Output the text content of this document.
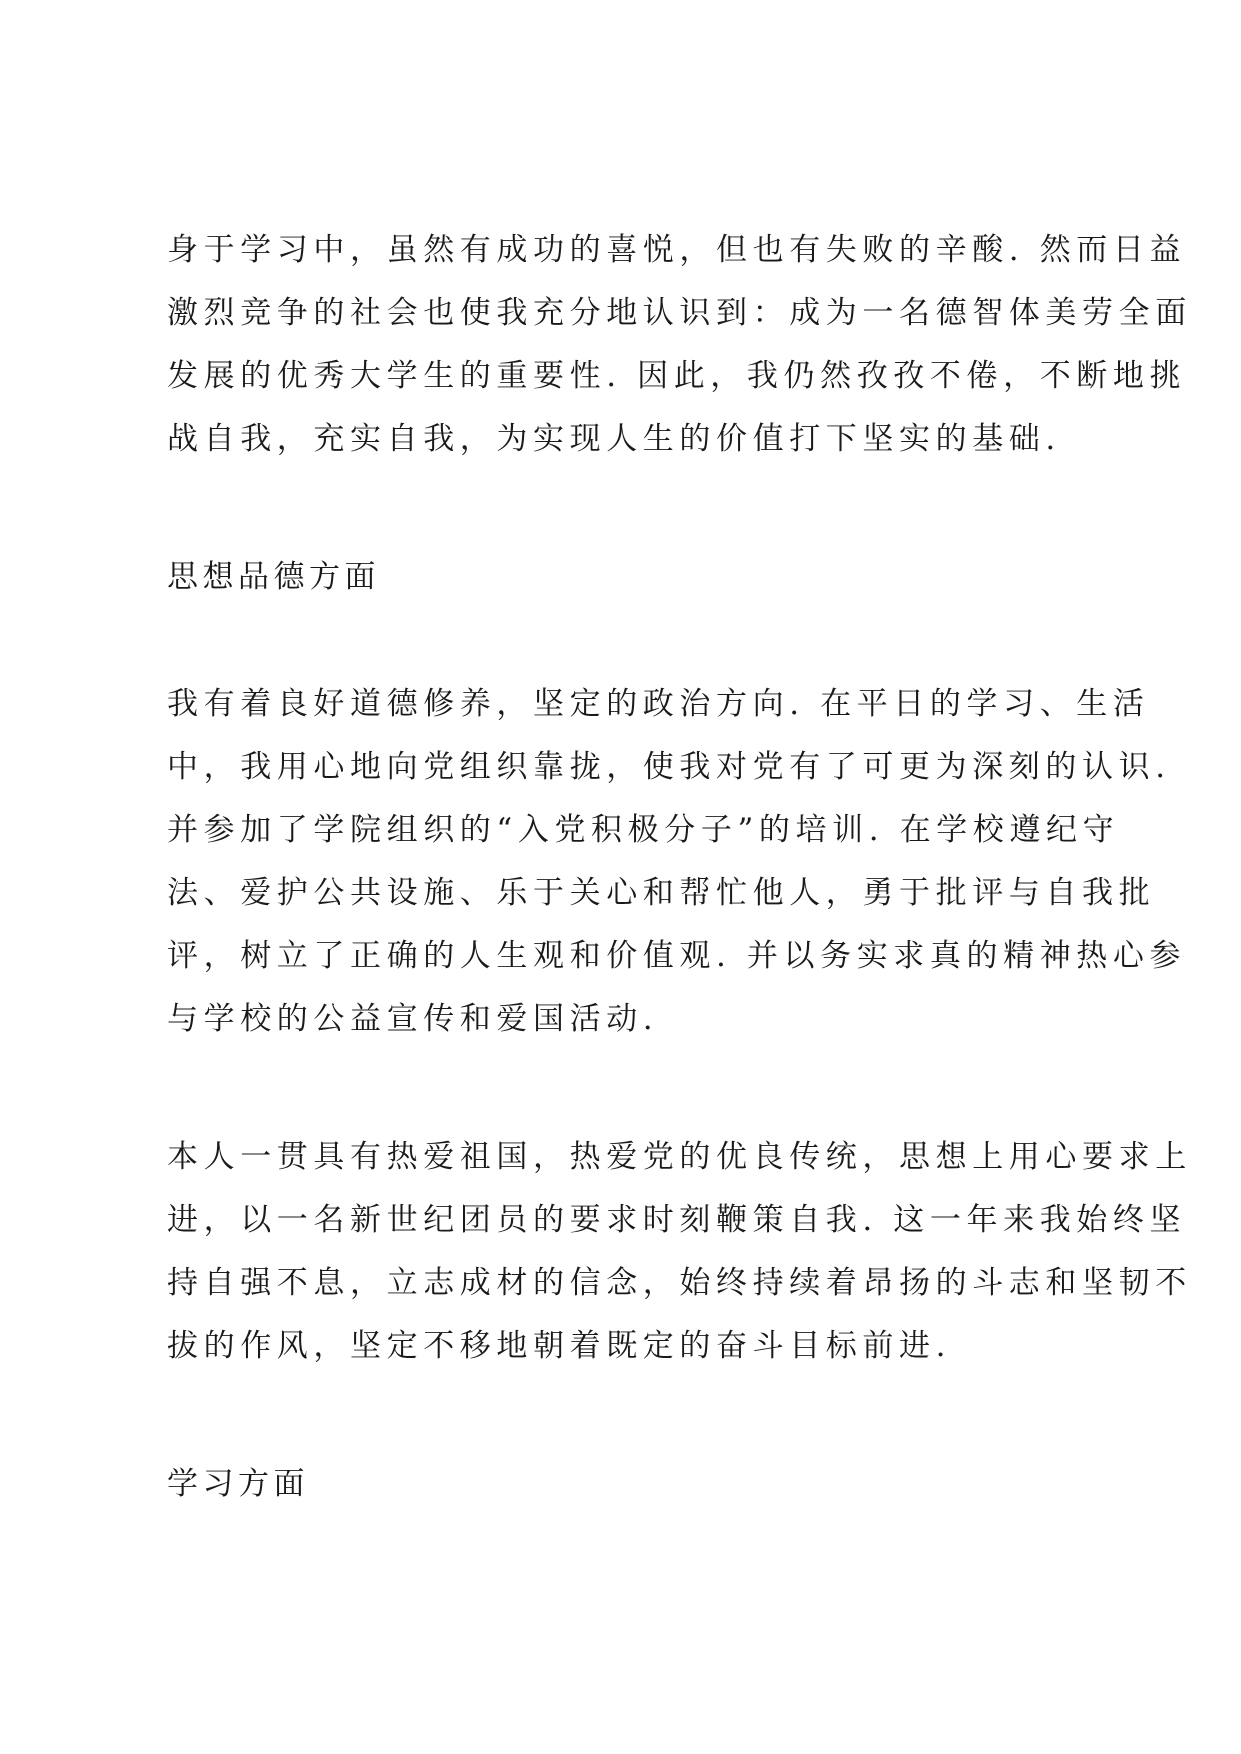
身于学习中，虽然有成功的喜悦，但也有失败的辛酸. 然而日益
激烈竞争的社会也使我充分地认识到：成为一名德智体美劳全面
发展的优秀大学生的重要性. 因此，我仍然孜孜不倦，不断地挑
战自我，充实自我，为实现人生的价值打下坚实的基础.
思想品德方面
我有着良好道德修养，坚定的政治方向. 在平日的学习、生活
中，我用心地向党组织靠拢，使我对党有了可更为深刻的认识.
并参加了学院组织的“入党积极分子”的培训. 在学校遵纪守
法、爱护公共设施、乐于关心和帮忙他人，勇于批评与自我批
评，树立了正确的人生观和价值观. 并以务实求真的精神热心参
与学校的公益宣传和爱国活动.
本人一贯具有热爱祖国，热爱党的优良传统，思想上用心要求上
进，以一名新世纪团员的要求时刻鞭策自我. 这一年来我始终坚
持自强不息，立志成材的信念，始终持续着昂扬的斗志和坚韧不
拔的作风，坚定不移地朝着既定的奋斗目标前进.
学习方面
